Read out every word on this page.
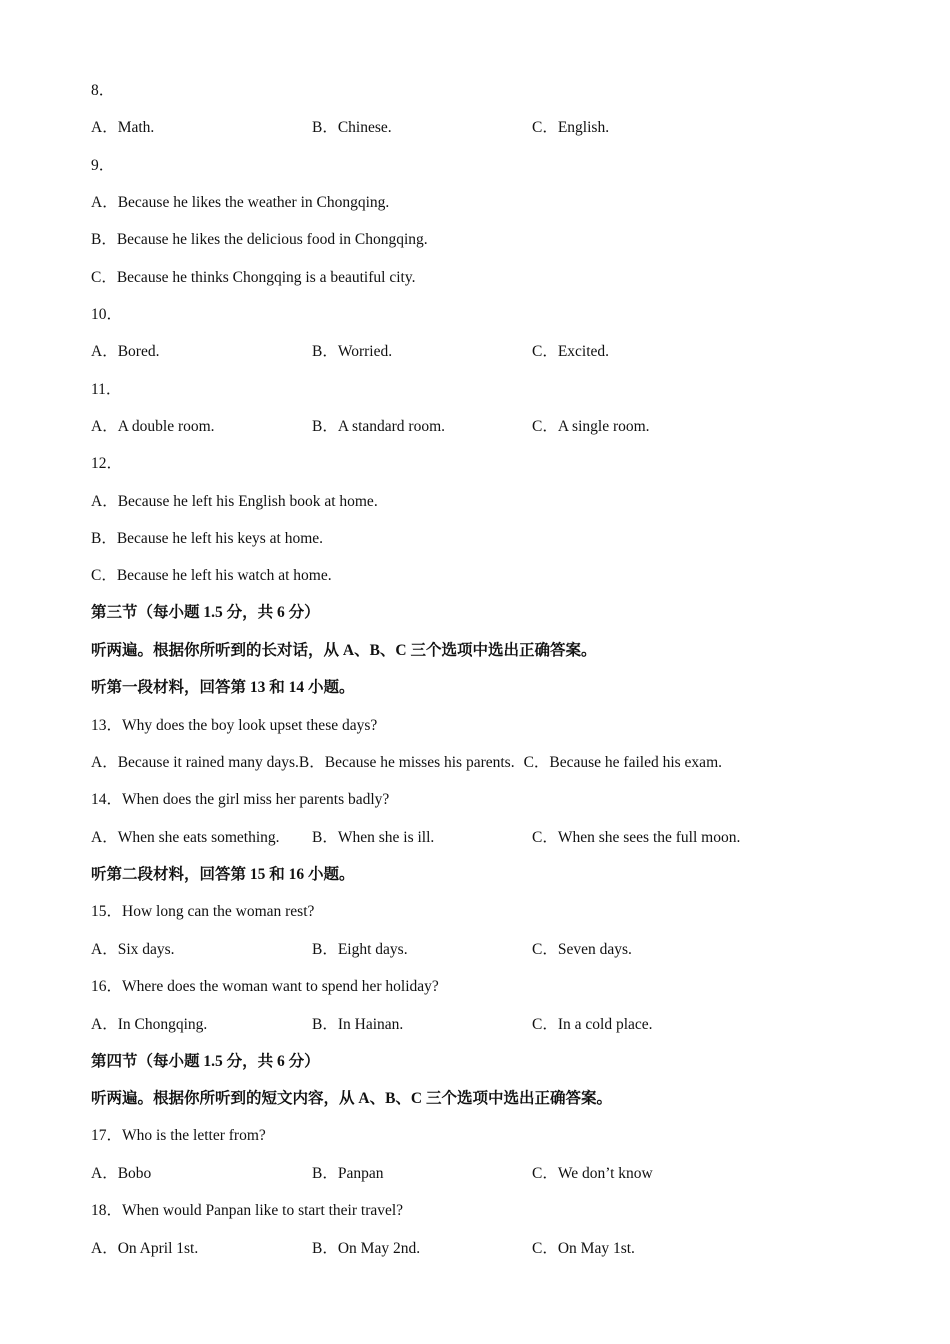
8．
A．Math.	B．Chinese.	C．English.
9．
A．Because he likes the weather in Chongqing.
B．Because he likes the delicious food in Chongqing.
C．Because he thinks Chongqing is a beautiful city.
10．
A．Bored.	B．Worried.	C．Excited.
11．
A．A double room.	B．A standard room.	C．A single room.
12．
A．Because he left his English book at home.
B．Because he left his keys at home.
C．Because he left his watch at home.
第三节（每小题 1.5 分，共 6 分）
听两遍。根据你所听到的长对话，从 A、B、C 三个选项中选出正确答案。
听第一段材料，回答第 13 和 14 小题。
13．Why does the boy look upset these days?
A．Because it rained many days.B．Because he misses his parents. C．Because he failed his exam.
14．When does the girl miss her parents badly?
A．When she eats something. B．When she is ill.	C．When she sees the full moon.
听第二段材料，回答第 15 和 16 小题。
15．How long can the woman rest?
A．Six days.	B．Eight days.	C．Seven days.
16．Where does the woman want to spend her holiday?
A．In Chongqing.	B．In Hainan.	C．In a cold place.
第四节（每小题 1.5 分，共 6 分）
听两遍。根据你所听到的短文内容，从 A、B、C 三个选项中选出正确答案。
17．Who is the letter from?
A．Bobo	B．Panpan	C．We don’t know
18．When would Panpan like to start their travel?
A．On April 1st.	B．On May 2nd.	C．On May 1st.
